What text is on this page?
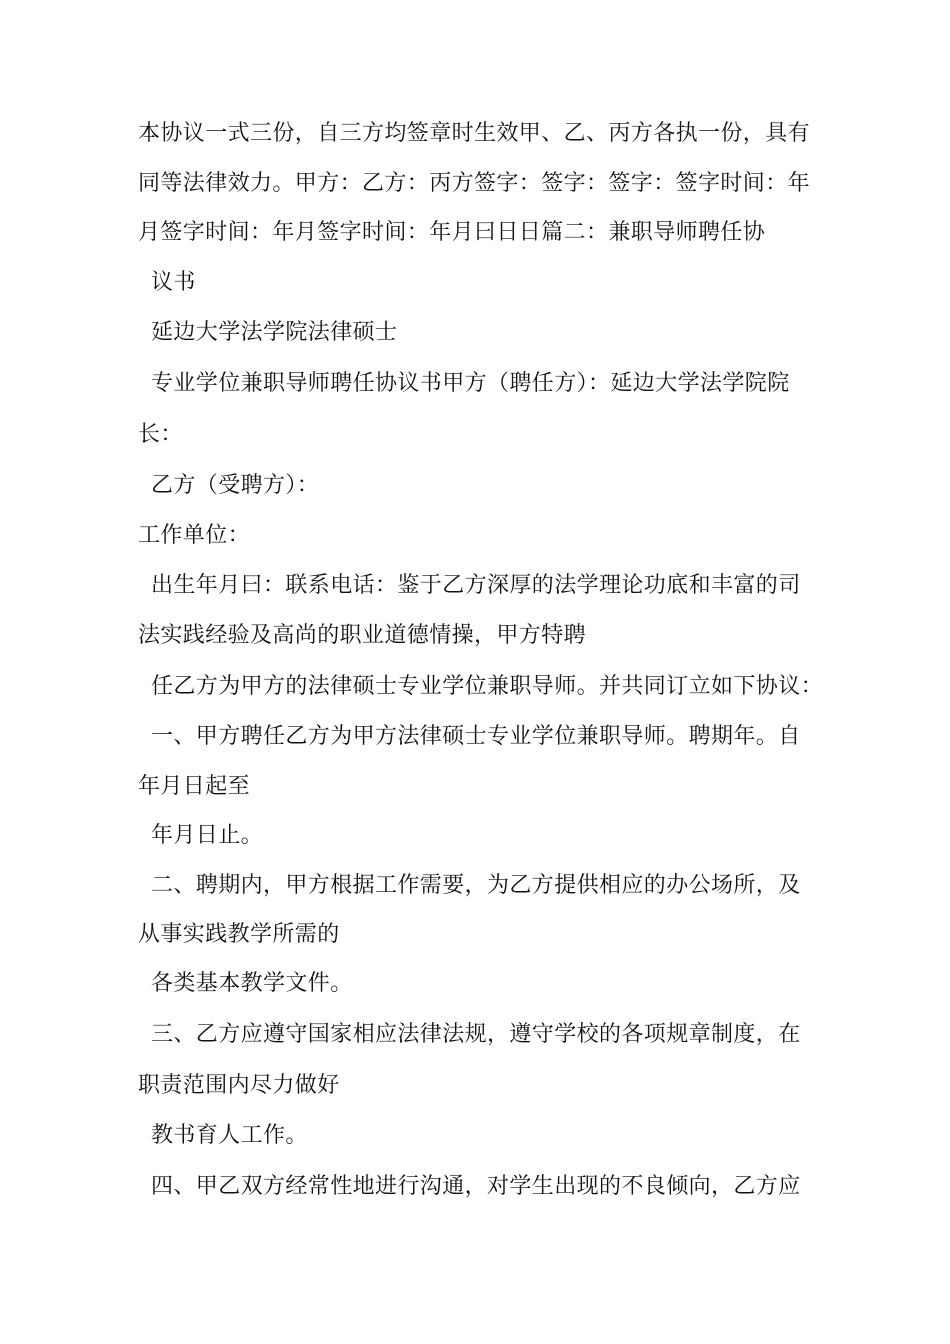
本协议一式三份，自三方均签章时生效甲、乙、丙方各执一份，具有
同等法律效力。甲方：乙方：丙方签字：签字：签字：签字时间：年
月签字时间：年月签字时间：年月曰日日篇二：兼职导师聘任协
议书
延边大学法学院法律硕士
专业学位兼职导师聘任协议书甲方（聘任方）：延边大学法学院院
长：
乙方（受聘方）：
工作单位：
出生年月曰：联系电话：鉴于乙方深厚的法学理论功底和丰富的司
法实践经验及高尚的职业道德情操，甲方特聘
任乙方为甲方的法律硕士专业学位兼职导师。并共同订立如下协议：
一、甲方聘任乙方为甲方法律硕士专业学位兼职导师。聘期年。自
年月日起至
年月日止。
二、聘期内，甲方根据工作需要，为乙方提供相应的办公场所，及
从事实践教学所需的
各类基本教学文件。
三、乙方应遵守国家相应法律法规，遵守学校的各项规章制度，在
职责范围内尽力做好
教书育人工作。
四、甲乙双方经常性地进行沟通，对学生出现的不良倾向，乙方应
